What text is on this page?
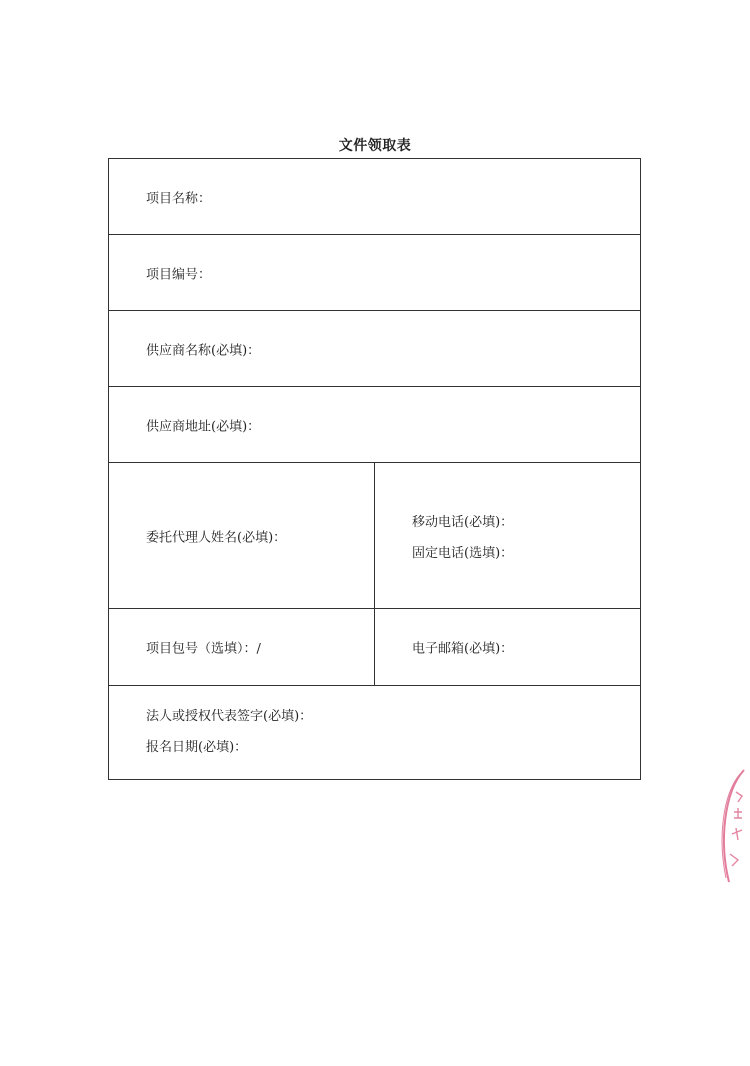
文件领取表
项目名称：
项目编号：
供应商名称(必填)：
供应商地址(必填)：
委托代理人姓名(必填)：
移动电话(必填)：
固定电话(选填)：
项目包号（选填）：/	电子邮箱(必填)：
法人或授权代表签字(必填)：
报名日期(必填)：
